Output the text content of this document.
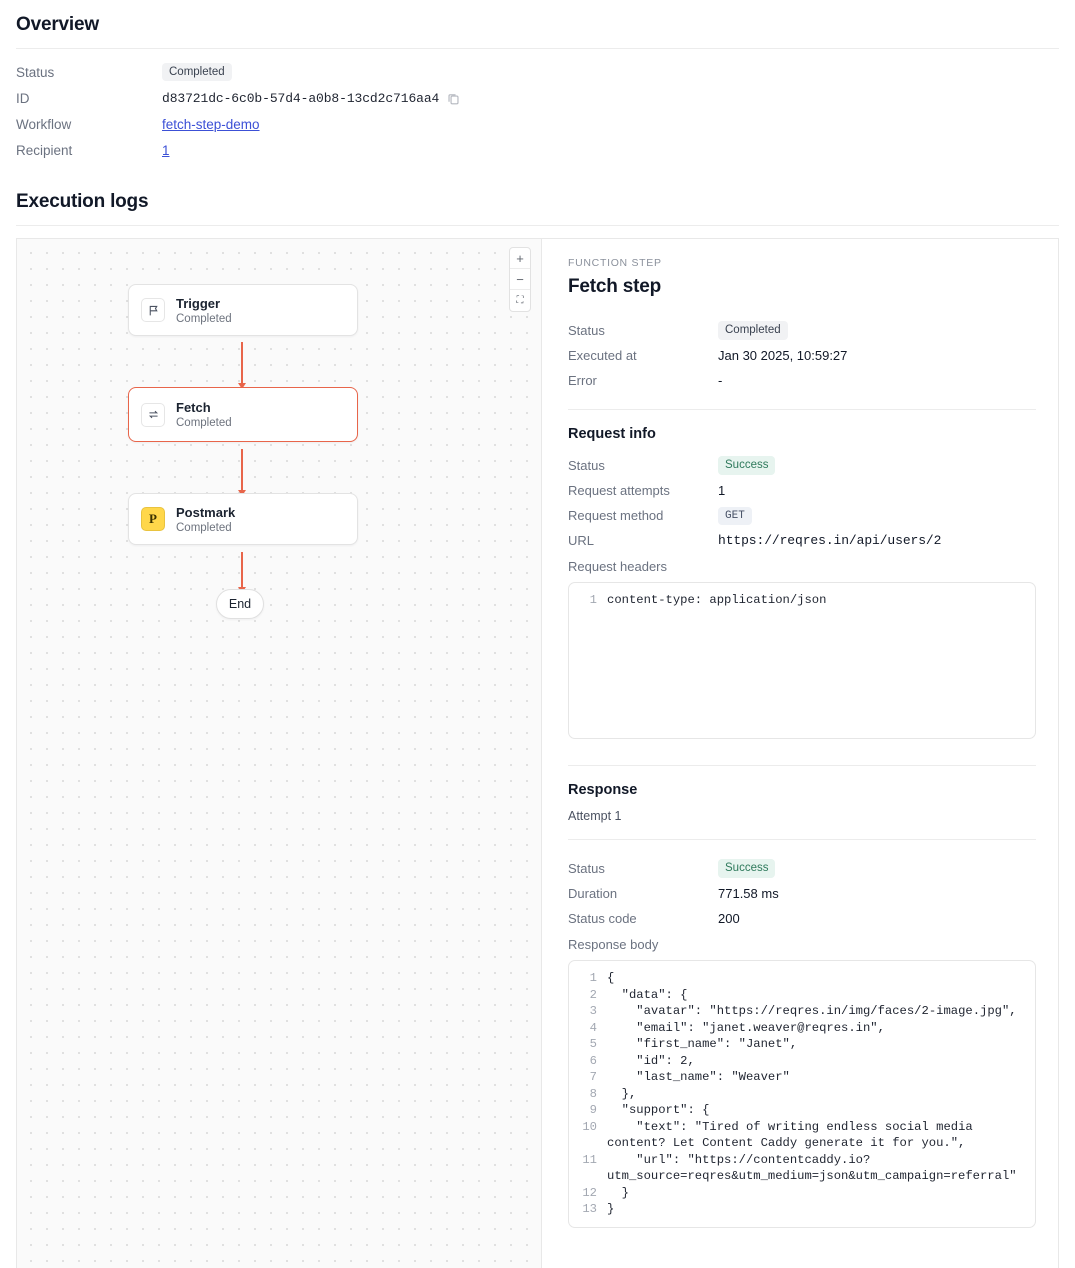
Overview
Status	Completed
ID	d83721dc-6c0b-57d4-a0b8-13cd2c716aa4
Workflow	fetch-step-demo
Recipient	1
Execution logs
+
−
⛶
Trigger
Completed
Fetch
Completed
P	Postmark
Completed
End
FUNCTION STEP
Fetch step
Status	Completed
Executed at	Jan 30 2025, 10:59:27
Error	-
Request info
Status	Success
Request attempts	1
Request method	GET
URL	https://reqres.in/api/users/2
Request headers
1 content-type: application/json
Response
Attempt 1
Status	Success
Duration	771.58 ms
Status code	200
Response body
1 {
2 "data": {
3 "avatar": "https://reqres.in/img/faces/2-image.jpg",
4 "email": "janet.weaver@reqres.in",
5 "first_name": "Janet",
6 "id": 2,
7 "last_name": "Weaver"
8 },
9 "support": {
10 "text": "Tired of writing endless social media content? Let Content Caddy generate it for you.",
11 "url": "https://contentcaddy.io?utm_source=reqres&utm_medium=json&utm_campaign=referral"
12 }
13 }
